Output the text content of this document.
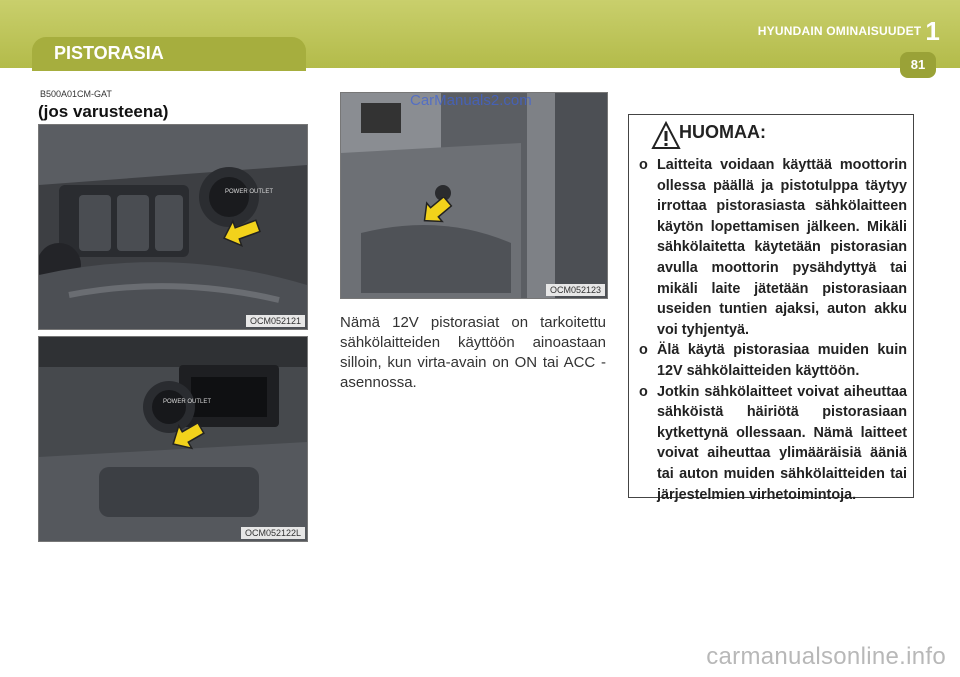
HYUNDAIN OMINAISUUDET 1
PISTORASIA
81
B500A01CM-GAT
(jos varusteena)
POWER OUTLET
OCM052121
POWER OUTLET
OCM052122L
OCM052123
CarManuals2.com
Nämä 12V pistorasiat on tarkoitettu sähkölaitteiden käyttöön ainoastaan silloin, kun virta-avain on ON tai ACC -asennossa.
HUOMAA:
o Laitteita voidaan käyttää moottorin ollessa päällä ja pistotulppa täytyy irrottaa pistorasiasta sähkölaitteen käytön lopettamisen jälkeen. Mikäli sähkölaitetta käytetään pistorasian avulla moottorin pysähdyttyä tai mikäli laite jätetään pistorasiaan useiden tuntien ajaksi, auton akku voi tyhjentyä.
o Älä käytä pistorasiaa muiden kuin 12V sähkölaitteiden käyttöön.
o Jotkin sähkölaitteet voivat aiheuttaa sähköistä häiriötä pistorasiaan kytkettynä ollessaan. Nämä laitteet voivat aiheuttaa ylimääräisiä ääniä tai auton muiden sähkölaitteiden tai järjestelmien virhetoimintoja.
carmanualsonline.info
